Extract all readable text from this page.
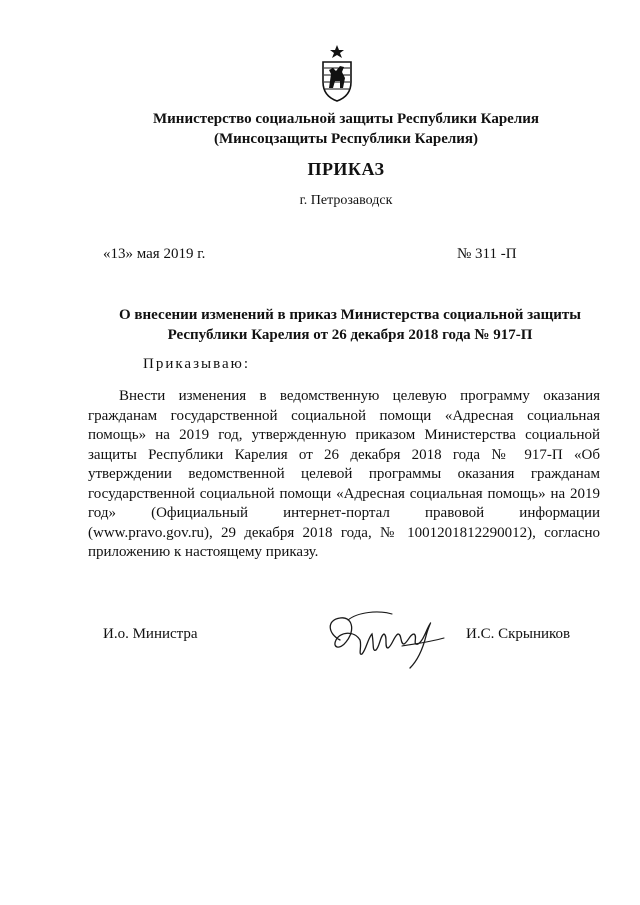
Министерство социальной защиты Республики Карелия
(Минсоцзащиты Республики Карелия)
ПРИКАЗ
г. Петрозаводск
«13» мая 2019 г.	№ 311 -П
О внесении изменений в приказ Министерства социальной защиты
Республики Карелия от 26 декабря 2018 года № 917-П
Приказываю:
Внести изменения в ведомственную целевую программу оказания
гражданам государственной социальной помощи «Адресная социальная
помощь» на 2019 год, утвержденную приказом Министерства социальной
защиты Республики Карелия от 26 декабря 2018 года № 917-П «Об
утверждении ведомственной целевой программы оказания гражданам
государственной социальной помощи «Адресная социальная помощь» на 2019
год» (Официальный интернет-портал правовой информации
(www.pravo.gov.ru), 29 декабря 2018 года, № 1001201812290012), согласно
приложению к настоящему приказу.
И.о. Министра	И.С. Скрыников
